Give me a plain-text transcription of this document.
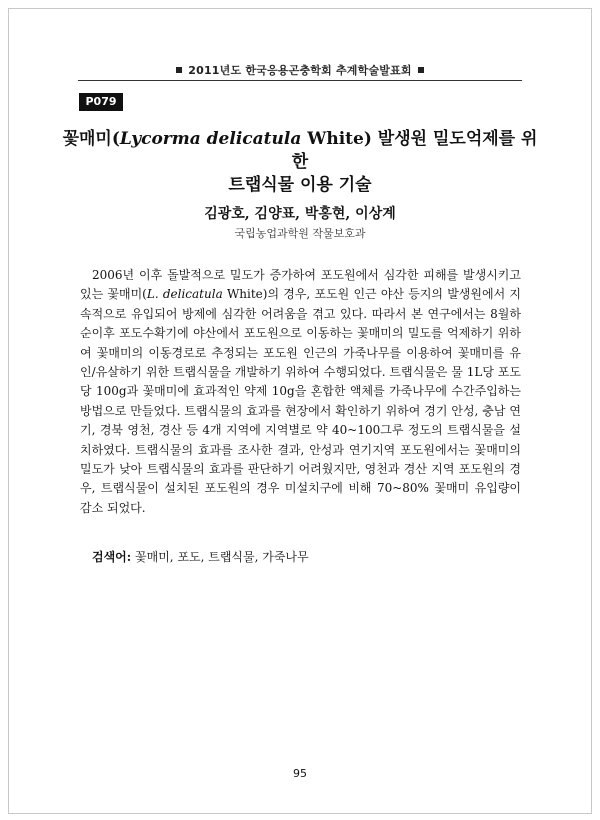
2011년도 한국응용곤충학회 추계학술발표회
P079
꽃매미(Lycorma delicatula White) 발생원 밀도억제를 위한
트랩식물 이용 기술
김광호, 김양표, 박홍현, 이상계
국립농업과학원 작물보호과

2006년 이후 돌발적으로 밀도가 증가하여 포도원에서 심각한 피해를 발생시키고 있는 꽃매미(L. delicatula White)의 경우, 포도원 인근 야산 등지의 발생원에서 지속적으로 유입되어 방제에 심각한 어려움을 겪고 있다. 따라서 본 연구에서는 8월하순이후 포도수확기에 야산에서 포도원으로 이동하는 꽃매미의 밀도를 억제하기 위하여 꽃매미의 이동경로로 추정되는 포도원 인근의 가죽나무를 이용하여 꽃매미를 유인/유살하기 위한 트랩식물을 개발하기 위하여 수행되었다. 트랩식물은 물 1L당 포도당 100g과 꽃매미에 효과적인 약제 10g을 혼합한 액체를 가죽나무에 수간주입하는 방법으로 만들었다. 트랩식물의 효과를 현장에서 확인하기 위하여 경기 안성, 충남 연기, 경북 영천, 경산 등 4개 지역에 지역별로 약 40~100그루 정도의 트랩식물을 설치하였다. 트랩식물의 효과를 조사한 결과, 안성과 연기지역 포도원에서는 꽃매미의 밀도가 낮아 트랩식물의 효과를 판단하기 어려웠지만, 영천과 경산 지역 포도원의 경우, 트랩식물이 설치된 포도원의 경우 미설치구에 비해 70~80% 꽃매미 유입량이 감소 되었다.

검색어: 꽃매미, 포도, 트랩식물, 가죽나무
95
